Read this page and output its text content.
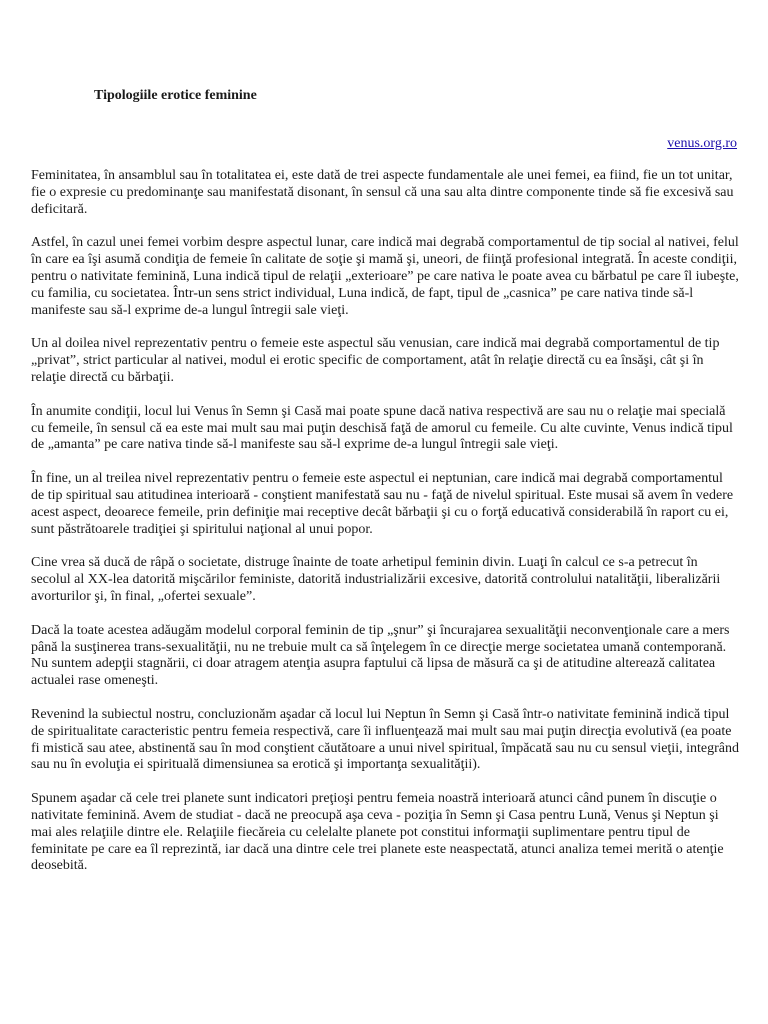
Tipologiile erotice feminine
venus.org.ro

Feminitatea, în ansamblul sau în totalitatea ei, este dată de trei aspecte fundamentale ale unei femei, ea fiind, fie un tot unitar, fie o expresie cu predominanţe sau manifestată disonant, în sensul că una sau alta dintre componente tinde să fie excesivă sau deficitară.

Astfel, în cazul unei femei vorbim despre aspectul lunar, care indică mai degrabă comportamentul de tip social al nativei, felul în care ea îşi asumă condiţia de femeie în calitate de soţie şi mamă şi, uneori, de fiinţă profesional integrată. În aceste condiţii, pentru o nativitate feminină, Luna indică tipul de relaţii „exterioare” pe care nativa le poate avea cu bărbatul pe care îl iubeşte, cu familia, cu societatea. Într-un sens strict individual, Luna indică, de fapt, tipul de „casnica” pe care nativa tinde să-l manifeste sau să-l exprime de-a lungul întregii sale vieţi.

Un al doilea nivel reprezentativ pentru o femeie este aspectul său venusian, care indică mai degrabă comportamentul de tip „privat”, strict particular al nativei, modul ei erotic specific de comportament, atât în relaţie directă cu ea însăşi, cât şi în relaţie directă cu bărbaţii.

În anumite condiţii, locul lui Venus în Semn şi Casă mai poate spune dacă nativa respectivă are sau nu o relaţie mai specială cu femeile, în sensul că ea este mai mult sau mai puţin deschisă faţă de amorul cu femeile. Cu alte cuvinte, Venus indică tipul de „amanta” pe care nativa tinde să-l manifeste sau să-l exprime de-a lungul întregii sale vieţi.

În fine, un al treilea nivel reprezentativ pentru o femeie este aspectul ei neptunian, care indică mai degrabă comportamentul de tip spiritual sau atitudinea interioară - conştient manifestată sau nu - faţă de nivelul spiritual. Este musai să avem în vedere acest aspect, deoarece femeile, prin definiţie mai receptive decât bărbaţii şi cu o forţă educativă considerabilă în raport cu ei, sunt păstrătoarele tradiţiei şi spiritului naţional al unui popor.

Cine vrea să ducă de râpă o societate, distruge înainte de toate arhetipul feminin divin. Luaţi în calcul ce s-a petrecut în secolul al XX-lea datorită mişcărilor feministe, datorită industrializării excesive, datorită controlului natalităţii, liberalizării avorturilor şi, în final, „ofertei sexuale”.

Dacă la toate acestea adăugăm modelul corporal feminin de tip „şnur” şi încurajarea sexualităţii neconvenţionale care a mers până la susţinerea trans-sexualităţii, nu ne trebuie mult ca să înţelegem în ce direcţie merge societatea umană contemporană. Nu suntem adepţii stagnării, ci doar atragem atenţia asupra faptului că lipsa de măsură ca şi de atitudine alterează calitatea actualei rase omeneşti.

Revenind la subiectul nostru, concluzionăm aşadar că locul lui Neptun în Semn şi Casă într-o nativitate feminină indică tipul de spiritualitate caracteristic pentru femeia respectivă, care îi influenţează mai mult sau mai puţin direcţia evolutivă (ea poate fi mistică sau atee, abstinentă sau în mod conştient căutătoare a unui nivel spiritual, împăcată sau nu cu sensul vieţii, integrând sau nu în evoluţia ei spirituală dimensiunea sa erotică şi importanţa sexualităţii).

Spunem aşadar că cele trei planete sunt indicatori preţioşi pentru femeia noastră interioară atunci când punem în discuţie o nativitate feminină. Avem de studiat - dacă ne preocupă aşa ceva - poziţia în Semn şi Casa pentru Lună, Venus şi Neptun şi mai ales relaţiile dintre ele. Relaţiile fiecăreia cu celelalte planete pot constitui informaţii suplimentare pentru tipul de feminitate pe care ea îl reprezintă, iar dacă una dintre cele trei planete este neaspectată, atunci analiza temei merită o atenţie deosebită.
